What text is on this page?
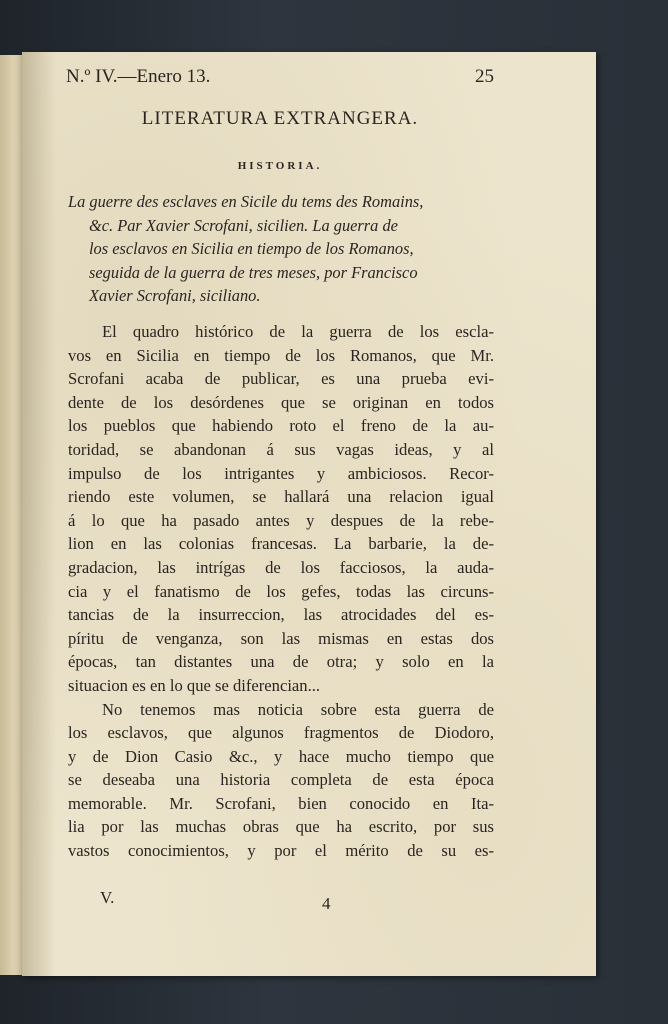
N.º IV.—Enero 13.	25
LITERATURA EXTRANGERA.
HISTORIA.
La guerre des esclaves en Sicile du tems des Romains,
&c. Par Xavier Scrofani, sicilien. La guerra de
los esclavos en Sicilia en tiempo de los Romanos,
seguida de la guerra de tres meses, por Francisco
Xavier Scrofani, siciliano.
El quadro histórico de la guerra de los escla-
vos en Sicilia en tiempo de los Romanos, que Mr.
Scrofani acaba de publicar, es una prueba evi-
dente de los desórdenes que se originan en todos
los pueblos que habiendo roto el freno de la au-
toridad, se abandonan á sus vagas ideas, y al
impulso de los intrigantes y ambiciosos. Recor-
riendo este volumen, se hallará una relacion igual
á lo que ha pasado antes y despues de la rebe-
lion en las colonias francesas. La barbarie, la de-
gradacion, las intrígas de los facciosos, la auda-
cia y el fanatismo de los gefes, todas las circuns-
tancias de la insurreccion, las atrocidades del es-
píritu de venganza, son las mismas en estas dos
épocas, tan distantes una de otra; y solo en la
situacion es en lo que se diferencian...
No tenemos mas noticia sobre esta guerra de
los esclavos, que algunos fragmentos de Diodoro,
y de Dion Casio &c., y hace mucho tiempo que
se deseaba una historia completa de esta época
memorable. Mr. Scrofani, bien conocido en Ita-
lia por las muchas obras que ha escrito, por sus
vastos conocimientos, y por el mérito de su es-
V.	4
